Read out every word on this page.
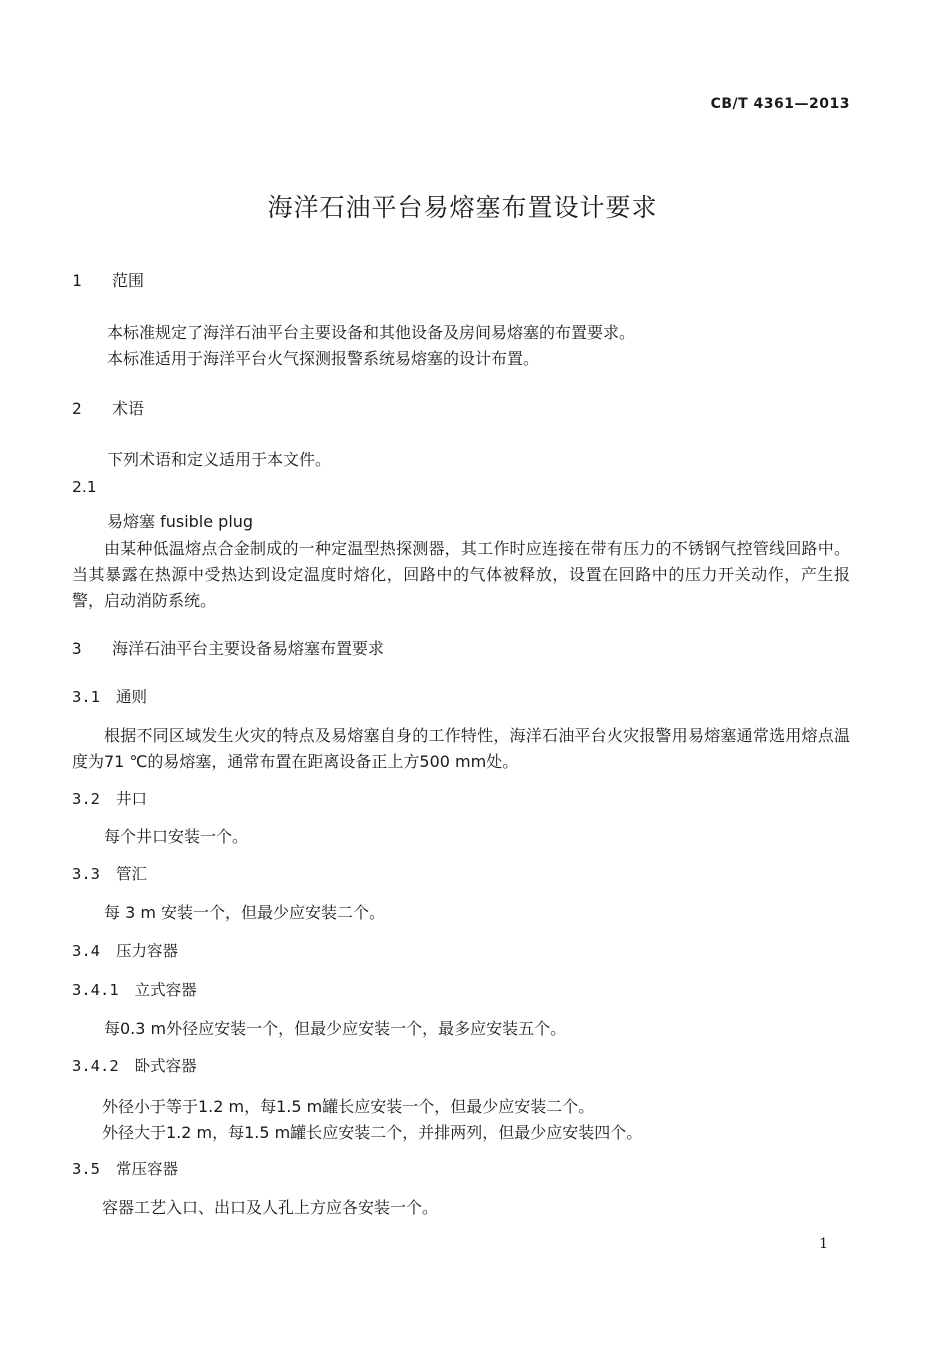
CB/T 4361—2013
海洋石油平台易熔塞布置设计要求
1 范围
本标准规定了海洋石油平台主要设备和其他设备及房间易熔塞的布置要求。
本标准适用于海洋平台火气探测报警系统易熔塞的设计布置。
2 术语
下列术语和定义适用于本文件。
2.1
易熔塞 fusible plug
由某种低温熔点合金制成的一种定温型热探测器，其工作时应连接在带有压力的不锈钢气控管线回路中。当其暴露在热源中受热达到设定温度时熔化，回路中的气体被释放，设置在回路中的压力开关动作，产生报警，启动消防系统。
3 海洋石油平台主要设备易熔塞布置要求
3.1 通则
根据不同区域发生火灾的特点及易熔塞自身的工作特性，海洋石油平台火灾报警用易熔塞通常选用熔点温度为71 ℃的易熔塞，通常布置在距离设备正上方500 mm处。
3.2 井口
每个井口安装一个。
3.3 管汇
每 3 m 安装一个，但最少应安装二个。
3.4 压力容器
3.4.1 立式容器
每0.3 m外径应安装一个，但最少应安装一个，最多应安装五个。
3.4.2 卧式容器
外径小于等于1.2 m，每1.5 m罐长应安装一个，但最少应安装二个。
外径大于1.2 m，每1.5 m罐长应安装二个，并排两列，但最少应安装四个。
3.5 常压容器
容器工艺入口、出口及人孔上方应各安装一个。
1
